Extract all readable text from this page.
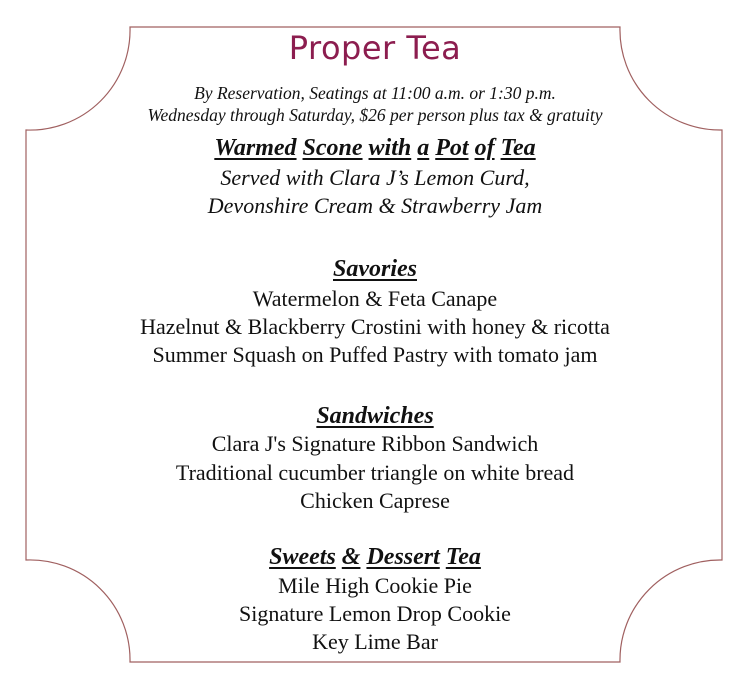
Proper Tea
By Reservation, Seatings at 11:00 a.m. or 1:30 p.m.
Wednesday through Saturday, $26 per person plus tax & gratuity
Warmed Scone with a Pot of Tea
Served with Clara J’s Lemon Curd,
Devonshire Cream & Strawberry Jam
Savories
Watermelon & Feta Canape
Hazelnut & Blackberry Crostini with honey & ricotta
Summer Squash on Puffed Pastry with tomato jam
Sandwiches
Clara J's Signature Ribbon Sandwich
Traditional cucumber triangle on white bread
Chicken Caprese
Sweets & Dessert Tea
Mile High Cookie Pie
Signature Lemon Drop Cookie
Key Lime Bar
